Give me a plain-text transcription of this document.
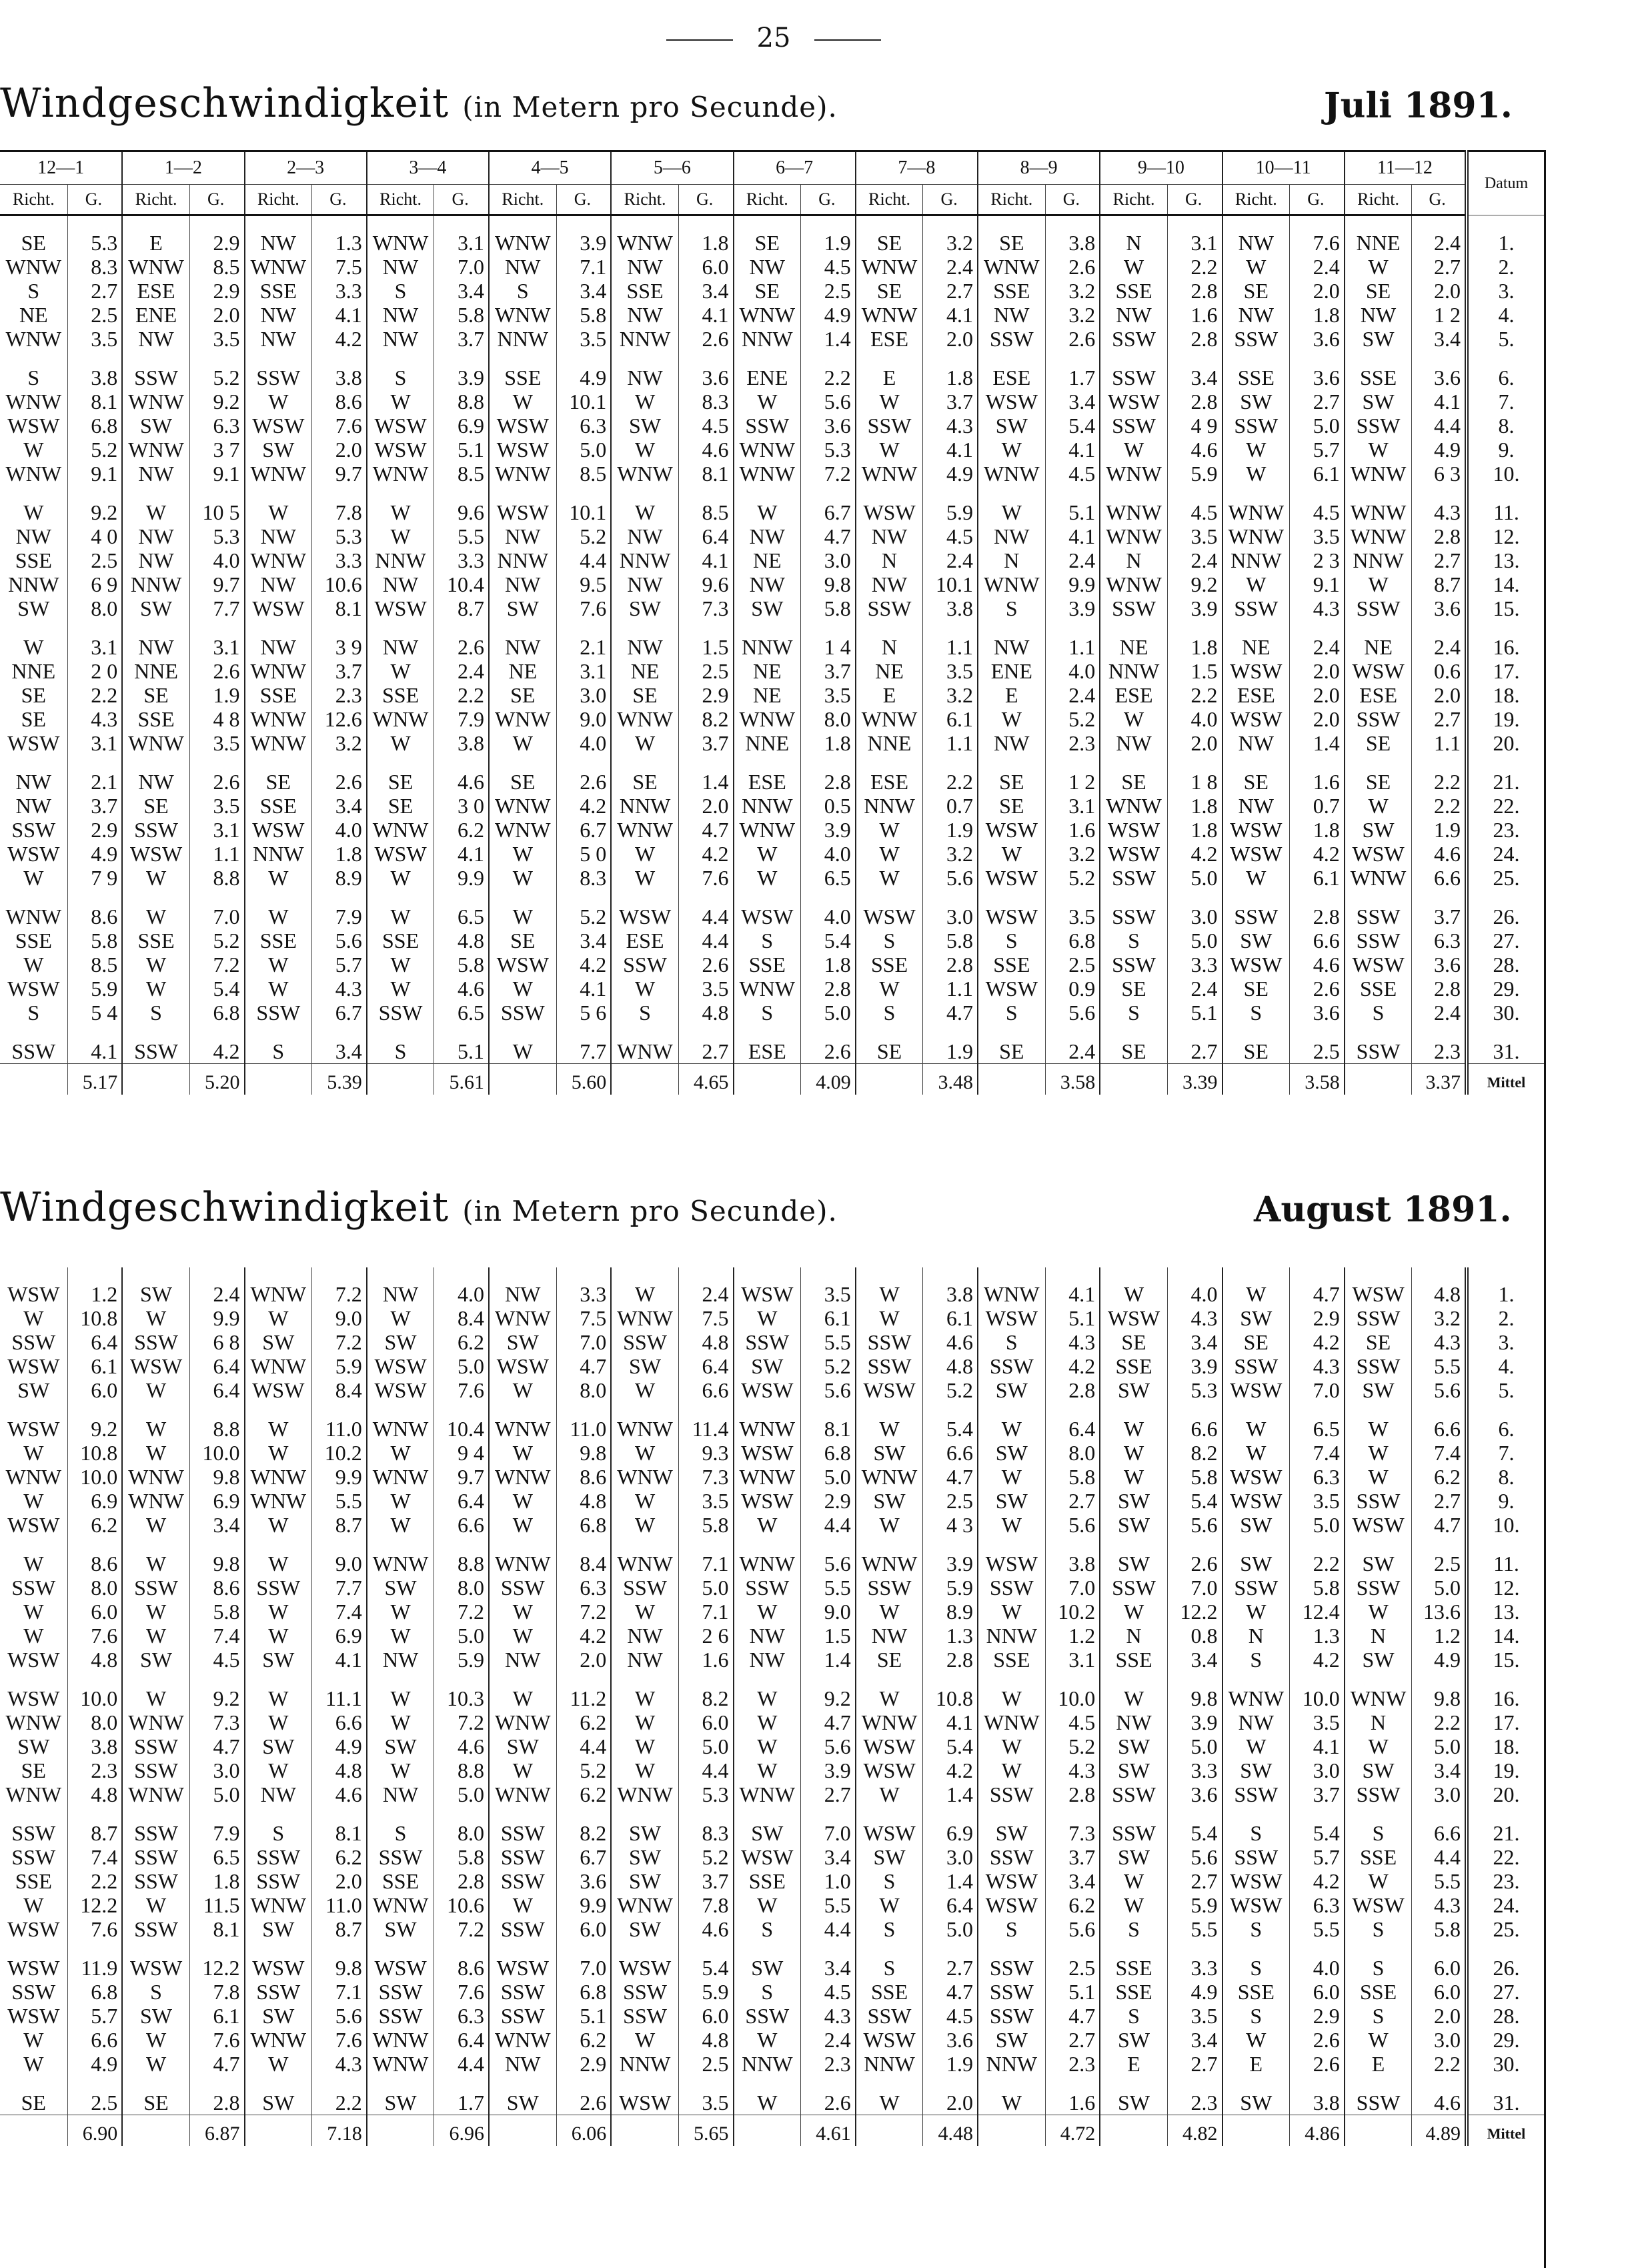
25
Windgeschwindigkeit (in Metern pro Secunde).	Juli 1891.
	12—1		1—2		2—3		3—4		4—5		5—6		6—7		7—8		8—9		9—10		10—11		11—12		Datum
	Richt.	G.	Richt.	G.	Richt.	G.	Richt.	G.	Richt.	G.	Richt.	G.	Richt.	G.	Richt.	G.	Richt.	G.	Richt.	G.	Richt.	G.	Richt.	G.	
	SE	5.3	E	2.9	NW	1.3	WNW	3.1	WNW	3.9	WNW	1.8	SE	1.9	SE	3.2	SE	3.8	N	3.1	NW	7.6	NNE	2.4	1.
	WNW	8.3	WNW	8.5	WNW	7.5	NW	7.0	NW	7.1	NW	6.0	NW	4.5	WNW	2.4	WNW	2.6	W	2.2	W	2.4	W	2.7	2.
	S	2.7	ESE	2.9	SSE	3.3	S	3.4	S	3.4	SSE	3.4	SE	2.5	SE	2.7	SSE	3.2	SSE	2.8	SE	2.0	SE	2.0	3.
	NE	2.5	ENE	2.0	NW	4.1	NW	5.8	WNW	5.8	NW	4.1	WNW	4.9	WNW	4.1	NW	3.2	NW	1.6	NW	1.8	NW	1 2	4.
	WNW	3.5	NW	3.5	NW	4.2	NW	3.7	NNW	3.5	NNW	2.6	NNW	1.4	ESE	2.0	SSW	2.6	SSW	2.8	SSW	3.6	SW	3.4	5.
	S	3.8	SSW	5.2	SSW	3.8	S	3.9	SSE	4.9	NW	3.6	ENE	2.2	E	1.8	ESE	1.7	SSW	3.4	SSE	3.6	SSE	3.6	6.
	WNW	8.1	WNW	9.2	W	8.6	W	8.8	W	10.1	W	8.3	W	5.6	W	3.7	WSW	3.4	WSW	2.8	SW	2.7	SW	4.1	7.
	WSW	6.8	SW	6.3	WSW	7.6	WSW	6.9	WSW	6.3	SW	4.5	SSW	3.6	SSW	4.3	SW	5.4	SSW	4 9	SSW	5.0	SSW	4.4	8.
	W	5.2	WNW	3 7	SW	2.0	WSW	5.1	WSW	5.0	W	4.6	WNW	5.3	W	4.1	W	4.1	W	4.6	W	5.7	W	4.9	9.
	WNW	9.1	NW	9.1	WNW	9.7	WNW	8.5	WNW	8.5	WNW	8.1	WNW	7.2	WNW	4.9	WNW	4.5	WNW	5.9	W	6.1	WNW	6 3	10.
	W	9.2	W	10 5	W	7.8	W	9.6	WSW	10.1	W	8.5	W	6.7	WSW	5.9	W	5.1	WNW	4.5	WNW	4.5	WNW	4.3	11.
	NW	4 0	NW	5.3	NW	5.3	W	5.5	NW	5.2	NW	6.4	NW	4.7	NW	4.5	NW	4.1	WNW	3.5	WNW	3.5	WNW	2.8	12.
	SSE	2.5	NW	4.0	WNW	3.3	NNW	3.3	NNW	4.4	NNW	4.1	NE	3.0	N	2.4	N	2.4	N	2.4	NNW	2 3	NNW	2.7	13.
	NNW	6 9	NNW	9.7	NW	10.6	NW	10.4	NW	9.5	NW	9.6	NW	9.8	NW	10.1	WNW	9.9	WNW	9.2	W	9.1	W	8.7	14.
	SW	8.0	SW	7.7	WSW	8.1	WSW	8.7	SW	7.6	SW	7.3	SW	5.8	SSW	3.8	S	3.9	SSW	3.9	SSW	4.3	SSW	3.6	15.
	W	3.1	NW	3.1	NW	3 9	NW	2.6	NW	2.1	NW	1.5	NNW	1 4	N	1.1	NW	1.1	NE	1.8	NE	2.4	NE	2.4	16.
	NNE	2 0	NNE	2.6	WNW	3.7	W	2.4	NE	3.1	NE	2.5	NE	3.7	NE	3.5	ENE	4.0	NNW	1.5	WSW	2.0	WSW	0.6	17.
	SE	2.2	SE	1.9	SSE	2.3	SSE	2.2	SE	3.0	SE	2.9	NE	3.5	E	3.2	E	2.4	ESE	2.2	ESE	2.0	ESE	2.0	18.
	SE	4.3	SSE	4 8	WNW	12.6	WNW	7.9	WNW	9.0	WNW	8.2	WNW	8.0	WNW	6.1	W	5.2	W	4.0	WSW	2.0	SSW	2.7	19.
	WSW	3.1	WNW	3.5	WNW	3.2	W	3.8	W	4.0	W	3.7	NNE	1.8	NNE	1.1	NW	2.3	NW	2.0	NW	1.4	SE	1.1	20.
	NW	2.1	NW	2.6	SE	2.6	SE	4.6	SE	2.6	SE	1.4	ESE	2.8	ESE	2.2	SE	1 2	SE	1 8	SE	1.6	SE	2.2	21.
	NW	3.7	SE	3.5	SSE	3.4	SE	3 0	WNW	4.2	NNW	2.0	NNW	0.5	NNW	0.7	SE	3.1	WNW	1.8	NW	0.7	W	2.2	22.
	SSW	2.9	SSW	3.1	WSW	4.0	WNW	6.2	WNW	6.7	WNW	4.7	WNW	3.9	W	1.9	WSW	1.6	WSW	1.8	WSW	1.8	SW	1.9	23.
	WSW	4.9	WSW	1.1	NNW	1.8	WSW	4.1	W	5 0	W	4.2	W	4.0	W	3.2	W	3.2	WSW	4.2	WSW	4.2	WSW	4.6	24.
	W	7 9	W	8.8	W	8.9	W	9.9	W	8.3	W	7.6	W	6.5	W	5.6	WSW	5.2	SSW	5.0	W	6.1	WNW	6.6	25.
	WNW	8.6	W	7.0	W	7.9	W	6.5	W	5.2	WSW	4.4	WSW	4.0	WSW	3.0	WSW	3.5	SSW	3.0	SSW	2.8	SSW	3.7	26.
	SSE	5.8	SSE	5.2	SSE	5.6	SSE	4.8	SE	3.4	ESE	4.4	S	5.4	S	5.8	S	6.8	S	5.0	SW	6.6	SSW	6.3	27.
	W	8.5	W	7.2	W	5.7	W	5.8	WSW	4.2	SSW	2.6	SSE	1.8	SSE	2.8	SSE	2.5	SSW	3.3	WSW	4.6	WSW	3.6	28.
	WSW	5.9	W	5.4	W	4.3	W	4.6	W	4.1	W	3.5	WNW	2.8	W	1.1	WSW	0.9	SE	2.4	SE	2.6	SSE	2.8	29.
	S	5 4	S	6.8	SSW	6.7	SSW	6.5	SSW	5 6	S	4.8	S	5.0	S	4.7	S	5.6	S	5.1	S	3.6	S	2.4	30.
	SSW	4.1	SSW	4.2	S	3.4	S	5.1	W	7.7	WNW	2.7	ESE	2.6	SE	1.9	SE	2.4	SE	2.7	SE	2.5	SSW	2.3	31.
		5.17		5.20		5.39		5.61		5.60		4.65		4.09		3.48		3.58		3.39		3.58		3.37	Mittel
Windgeschwindigkeit (in Metern pro Secunde).	August 1891.
	WSW	1.2	SW	2.4	WNW	7.2	NW	4.0	NW	3.3	W	2.4	WSW	3.5	W	3.8	WNW	4.1	W	4.0	W	4.7	WSW	4.8	1.
	W	10.8	W	9.9	W	9.0	W	8.4	WNW	7.5	WNW	7.5	W	6.1	W	6.1	WSW	5.1	WSW	4.3	SW	2.9	SSW	3.2	2.
	SSW	6.4	SSW	6 8	SW	7.2	SW	6.2	SW	7.0	SSW	4.8	SSW	5.5	SSW	4.6	S	4.3	SE	3.4	SE	4.2	SE	4.3	3.
	WSW	6.1	WSW	6.4	WNW	5.9	WSW	5.0	WSW	4.7	SW	6.4	SW	5.2	SSW	4.8	SSW	4.2	SSE	3.9	SSW	4.3	SSW	5.5	4.
	SW	6.0	W	6.4	WSW	8.4	WSW	7.6	W	8.0	W	6.6	WSW	5.6	WSW	5.2	SW	2.8	SW	5.3	WSW	7.0	SW	5.6	5.
	WSW	9.2	W	8.8	W	11.0	WNW	10.4	WNW	11.0	WNW	11.4	WNW	8.1	W	5.4	W	6.4	W	6.6	W	6.5	W	6.6	6.
	W	10.8	W	10.0	W	10.2	W	9 4	W	9.8	W	9.3	WSW	6.8	SW	6.6	SW	8.0	W	8.2	W	7.4	W	7.4	7.
	WNW	10.0	WNW	9.8	WNW	9.9	WNW	9.7	WNW	8.6	WNW	7.3	WNW	5.0	WNW	4.7	W	5.8	W	5.8	WSW	6.3	W	6.2	8.
	W	6.9	WNW	6.9	WNW	5.5	W	6.4	W	4.8	W	3.5	WSW	2.9	SW	2.5	SW	2.7	SW	5.4	WSW	3.5	SSW	2.7	9.
	WSW	6.2	W	3.4	W	8.7	W	6.6	W	6.8	W	5.8	W	4.4	W	4 3	W	5.6	SW	5.6	SW	5.0	WSW	4.7	10.
	W	8.6	W	9.8	W	9.0	WNW	8.8	WNW	8.4	WNW	7.1	WNW	5.6	WNW	3.9	WSW	3.8	SW	2.6	SW	2.2	SW	2.5	11.
	SSW	8.0	SSW	8.6	SSW	7.7	SW	8.0	SSW	6.3	SSW	5.0	SSW	5.5	SSW	5.9	SSW	7.0	SSW	7.0	SSW	5.8	SSW	5.0	12.
	W	6.0	W	5.8	W	7.4	W	7.2	W	7.2	W	7.1	W	9.0	W	8.9	W	10.2	W	12.2	W	12.4	W	13.6	13.
	W	7.6	W	7.4	W	6.9	W	5.0	W	4.2	NW	2 6	NW	1.5	NW	1.3	NNW	1.2	N	0.8	N	1.3	N	1.2	14.
	WSW	4.8	SW	4.5	SW	4.1	NW	5.9	NW	2.0	NW	1.6	NW	1.4	SE	2.8	SSE	3.1	SSE	3.4	S	4.2	SW	4.9	15.
	WSW	10.0	W	9.2	W	11.1	W	10.3	W	11.2	W	8.2	W	9.2	W	10.8	W	10.0	W	9.8	WNW	10.0	WNW	9.8	16.
	WNW	8.0	WNW	7.3	W	6.6	W	7.2	WNW	6.2	W	6.0	W	4.7	WNW	4.1	WNW	4.5	NW	3.9	NW	3.5	N	2.2	17.
	SW	3.8	SSW	4.7	SW	4.9	SW	4.6	SW	4.4	W	5.0	W	5.6	WSW	5.4	W	5.2	SW	5.0	W	4.1	W	5.0	18.
	SE	2.3	SSW	3.0	W	4.8	W	8.8	W	5.2	W	4.4	W	3.9	WSW	4.2	W	4.3	SW	3.3	SW	3.0	SW	3.4	19.
	WNW	4.8	WNW	5.0	NW	4.6	NW	5.0	WNW	6.2	WNW	5.3	WNW	2.7	W	1.4	SSW	2.8	SSW	3.6	SSW	3.7	SSW	3.0	20.
	SSW	8.7	SSW	7.9	S	8.1	S	8.0	SSW	8.2	SW	8.3	SW	7.0	WSW	6.9	SW	7.3	SSW	5.4	S	5.4	S	6.6	21.
	SSW	7.4	SSW	6.5	SSW	6.2	SSW	5.8	SSW	6.7	SW	5.2	WSW	3.4	SW	3.0	SSW	3.7	SW	5.6	SSW	5.7	SSE	4.4	22.
	SSE	2.2	SSW	1.8	SSW	2.0	SSE	2.8	SSW	3.6	SW	3.7	SSE	1.0	S	1.4	WSW	3.4	W	2.7	WSW	4.2	W	5.5	23.
	W	12.2	W	11.5	WNW	11.0	WNW	10.6	W	9.9	WNW	7.8	W	5.5	W	6.4	WSW	6.2	W	5.9	WSW	6.3	WSW	4.3	24.
	WSW	7.6	SSW	8.1	SW	8.7	SW	7.2	SSW	6.0	SW	4.6	S	4.4	S	5.0	S	5.6	S	5.5	S	5.5	S	5.8	25.
	WSW	11.9	WSW	12.2	WSW	9.8	WSW	8.6	WSW	7.0	WSW	5.4	SW	3.4	S	2.7	SSW	2.5	SSE	3.3	S	4.0	S	6.0	26.
	SSW	6.8	S	7.8	SSW	7.1	SSW	7.6	SSW	6.8	SSW	5.9	S	4.5	SSE	4.7	SSW	5.1	SSE	4.9	SSE	6.0	SSE	6.0	27.
	WSW	5.7	SW	6.1	SW	5.6	SSW	6.3	SSW	5.1	SSW	6.0	SSW	4.3	SSW	4.5	SSW	4.7	S	3.5	S	2.9	S	2.0	28.
	W	6.6	W	7.6	WNW	7.6	WNW	6.4	WNW	6.2	W	4.8	W	2.4	WSW	3.6	SW	2.7	SW	3.4	W	2.6	W	3.0	29.
	W	4.9	W	4.7	W	4.3	WNW	4.4	NW	2.9	NNW	2.5	NNW	2.3	NNW	1.9	NNW	2.3	E	2.7	E	2.6	E	2.2	30.
	SE	2.5	SE	2.8	SW	2.2	SW	1.7	SW	2.6	WSW	3.5	W	2.6	W	2.0	W	1.6	SW	2.3	SW	3.8	SSW	4.6	31.
		6.90		6.87		7.18		6.96		6.06		5.65		4.61		4.48		4.72		4.82		4.86		4.89	Mittel
